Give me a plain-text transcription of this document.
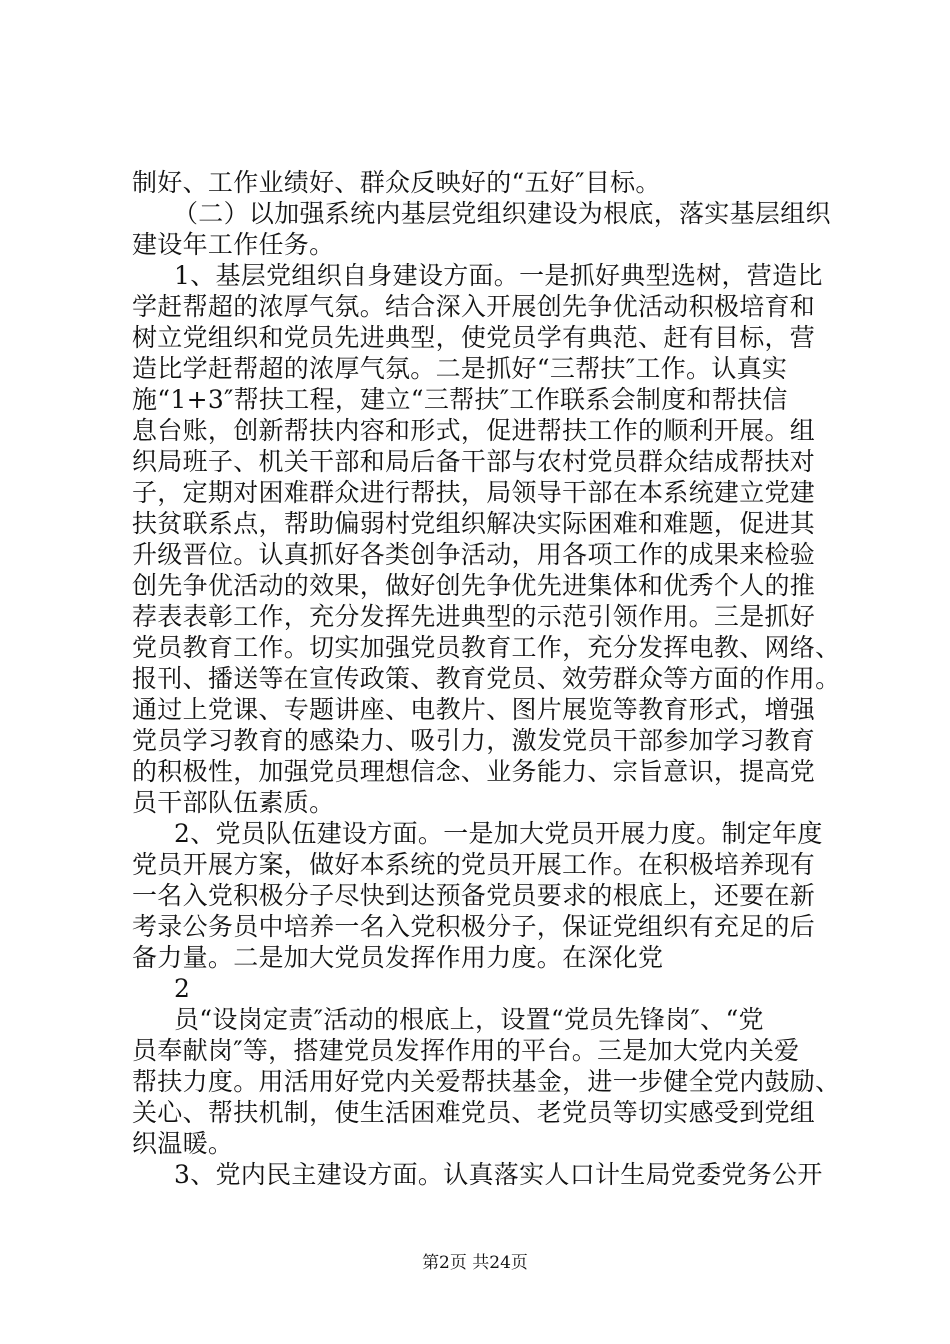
制好、工作业绩好、群众反映好的“五好″目标。
（二）以加强系统内基层党组织建设为根底，落实基层组织
建设年工作任务。
1、基层党组织自身建设方面。一是抓好典型选树，营造比
学赶帮超的浓厚气氛。结合深入开展创先争优活动积极培育和
树立党组织和党员先进典型，使党员学有典范、赶有目标，营
造比学赶帮超的浓厚气氛。二是抓好“三帮扶″工作。认真实
施“1+3″帮扶工程，建立“三帮扶″工作联系会制度和帮扶信
息台账，创新帮扶内容和形式，促进帮扶工作的顺利开展。组
织局班子、机关干部和局后备干部与农村党员群众结成帮扶对
子，定期对困难群众进行帮扶，局领导干部在本系统建立党建
扶贫联系点，帮助偏弱村党组织解决实际困难和难题，促进其
升级晋位。认真抓好各类创争活动，用各项工作的成果来检验
创先争优活动的效果，做好创先争优先进集体和优秀个人的推
荐表表彰工作，充分发挥先进典型的示范引领作用。三是抓好
党员教育工作。切实加强党员教育工作，充分发挥电教、网络、
报刊、播送等在宣传政策、教育党员、效劳群众等方面的作用。
通过上党课、专题讲座、电教片、图片展览等教育形式，增强
党员学习教育的感染力、吸引力，激发党员干部参加学习教育
的积极性，加强党员理想信念、业务能力、宗旨意识，提高党
员干部队伍素质。
2、党员队伍建设方面。一是加大党员开展力度。制定年度
党员开展方案，做好本系统的党员开展工作。在积极培养现有
一名入党积极分子尽快到达预备党员要求的根底上，还要在新
考录公务员中培养一名入党积极分子，保证党组织有充足的后
备力量。二是加大党员发挥作用力度。在深化党
2
员“设岗定责″活动的根底上，设置“党员先锋岗″、“党
员奉献岗″等，搭建党员发挥作用的平台。三是加大党内关爱
帮扶力度。用活用好党内关爱帮扶基金，进一步健全党内鼓励、
关心、帮扶机制，使生活困难党员、老党员等切实感受到党组
织温暖。
3、党内民主建设方面。认真落实人口计生局党委党务公开
第2页 共24页
